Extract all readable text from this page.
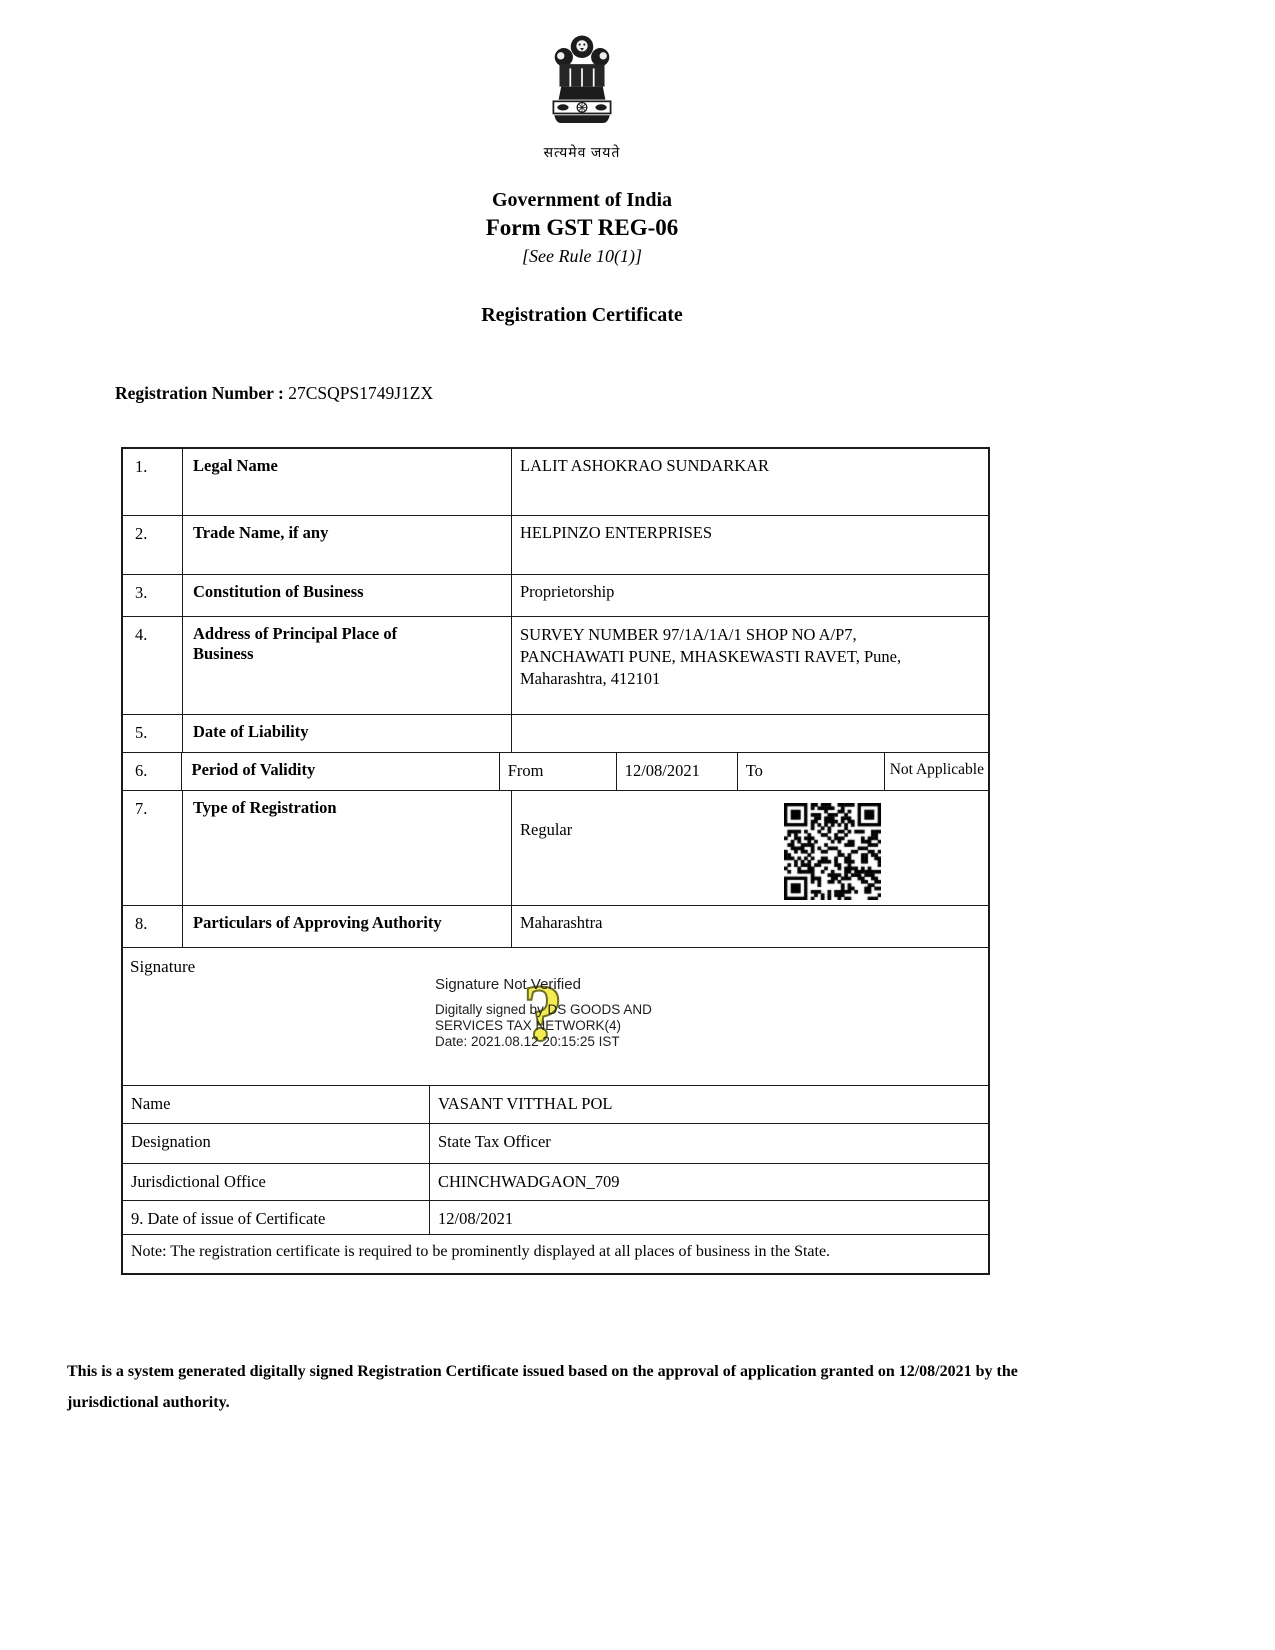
सत्यमेव जयते
Government of India
Form GST REG-06
[See Rule 10(1)]
Registration Certificate
Registration Number : 27CSQPS1749J1ZX
1.	Legal Name	LALIT ASHOKRAO SUNDARKAR
2.	Trade Name, if any	HELPINZO ENTERPRISES
3.	Constitution of Business	Proprietorship
4.	Address of Principal Place of Business
SURVEY NUMBER 97/1A/1A/1 SHOP NO A/P7, PANCHAWATI PUNE, MHASKEWASTI RAVET, Pune, Maharashtra, 412101
5.	Date of Liability
6.	Period of Validity	From	12/08/2021	To	Not Applicable
7.	Type of Registration
Regular
8.	Particulars of Approving Authority	Maharashtra
Signature
?
Signature Not Verified
Digitally signed by DS GOODS AND
SERVICES TAX NETWORK(4)
Date: 2021.08.12 20:15:25 IST
Name	VASANT VITTHAL POL
Designation	State Tax Officer
Jurisdictional Office	CHINCHWADGAON_709
9. Date of issue of Certificate	12/08/2021
Note: The registration certificate is required to be prominently displayed at all places of business in the State.
This is a system generated digitally signed Registration Certificate issued based on the approval of application granted on 12/08/2021 by the jurisdictional authority.
